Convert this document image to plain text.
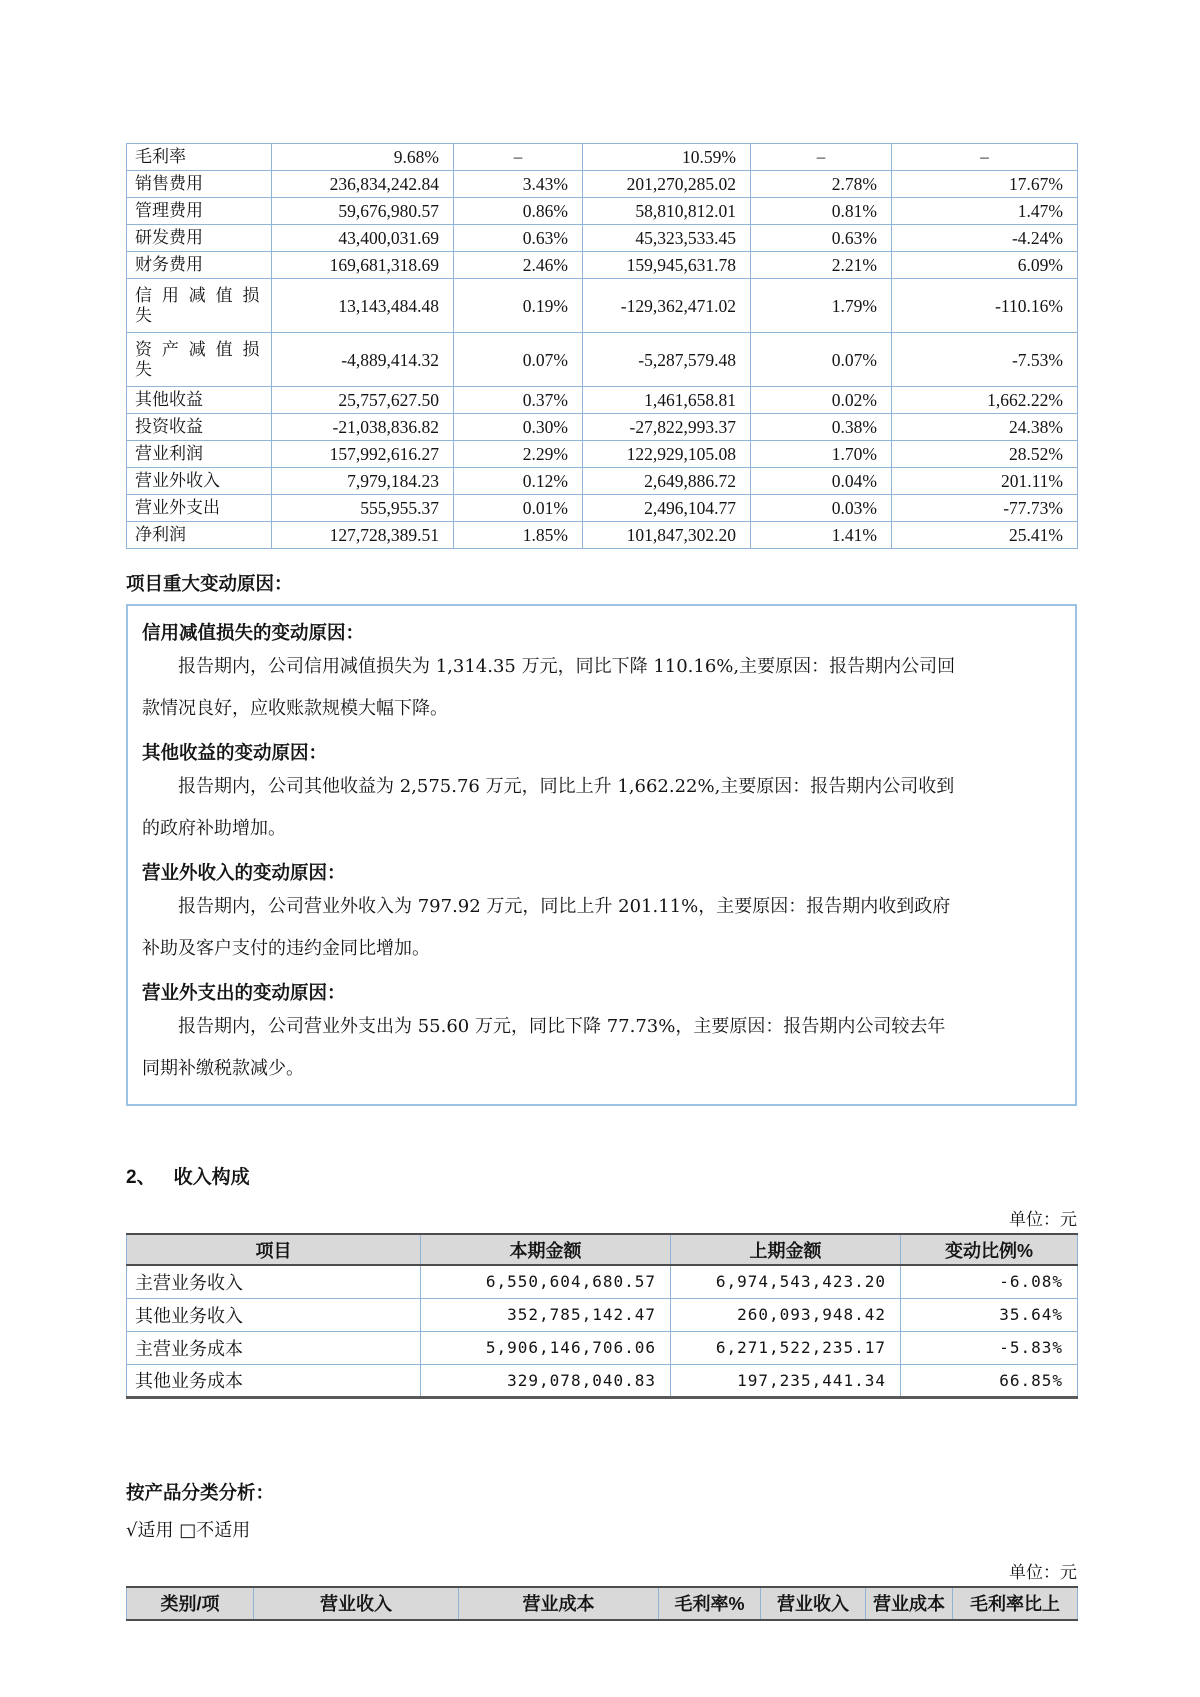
毛利率	9.68%	–	10.59%	–	–
销售费用	236,834,242.84	3.43%	201,270,285.02	2.78%	17.67%
管理费用	59,676,980.57	0.86%	58,810,812.01	0.81%	1.47%
研发费用	43,400,031.69	0.63%	45,323,533.45	0.63%	-4.24%
财务费用	169,681,318.69	2.46%	159,945,631.78	2.21%	6.09%
信用减值损失	13,143,484.48	0.19%	-129,362,471.02	1.79%	-110.16%
资产减值损失	-4,889,414.32	0.07%	-5,287,579.48	0.07%	-7.53%
其他收益	25,757,627.50	0.37%	1,461,658.81	0.02%	1,662.22%
投资收益	-21,038,836.82	0.30%	-27,822,993.37	0.38%	24.38%
营业利润	157,992,616.27	2.29%	122,929,105.08	1.70%	28.52%
营业外收入	7,979,184.23	0.12%	2,649,886.72	0.04%	201.11%
营业外支出	555,955.37	0.01%	2,496,104.77	0.03%	-77.73%
净利润	127,728,389.51	1.85%	101,847,302.20	1.41%	25.41%
项目重大变动原因：
信用减值损失的变动原因：
报告期内，公司信用减值损失为 1,314.35 万元，同比下降 110.16%,主要原因：报告期内公司回
款情况良好，应收账款规模大幅下降。
其他收益的变动原因：
报告期内，公司其他收益为 2,575.76 万元，同比上升 1,662.22%,主要原因：报告期内公司收到
的政府补助增加。
营业外收入的变动原因：
报告期内，公司营业外收入为 797.92 万元，同比上升 201.11%，主要原因：报告期内收到政府
补助及客户支付的违约金同比增加。
营业外支出的变动原因：
报告期内，公司营业外支出为 55.60 万元，同比下降 77.73%，主要原因：报告期内公司较去年
同期补缴税款减少。
2、 收入构成
单位：元
项目	本期金额	上期金额	变动比例%
主营业务收入	6,550,604,680.57	6,974,543,423.20	-6.08%
其他业务收入	352,785,142.47	260,093,948.42	35.64%
主营业务成本	5,906,146,706.06	6,271,522,235.17	-5.83%
其他业务成本	329,078,040.83	197,235,441.34	66.85%
按产品分类分析：
√适用 □不适用
单位：元
类别/项	营业收入	营业成本	毛利率%	营业收入	营业成本	毛利率比上
